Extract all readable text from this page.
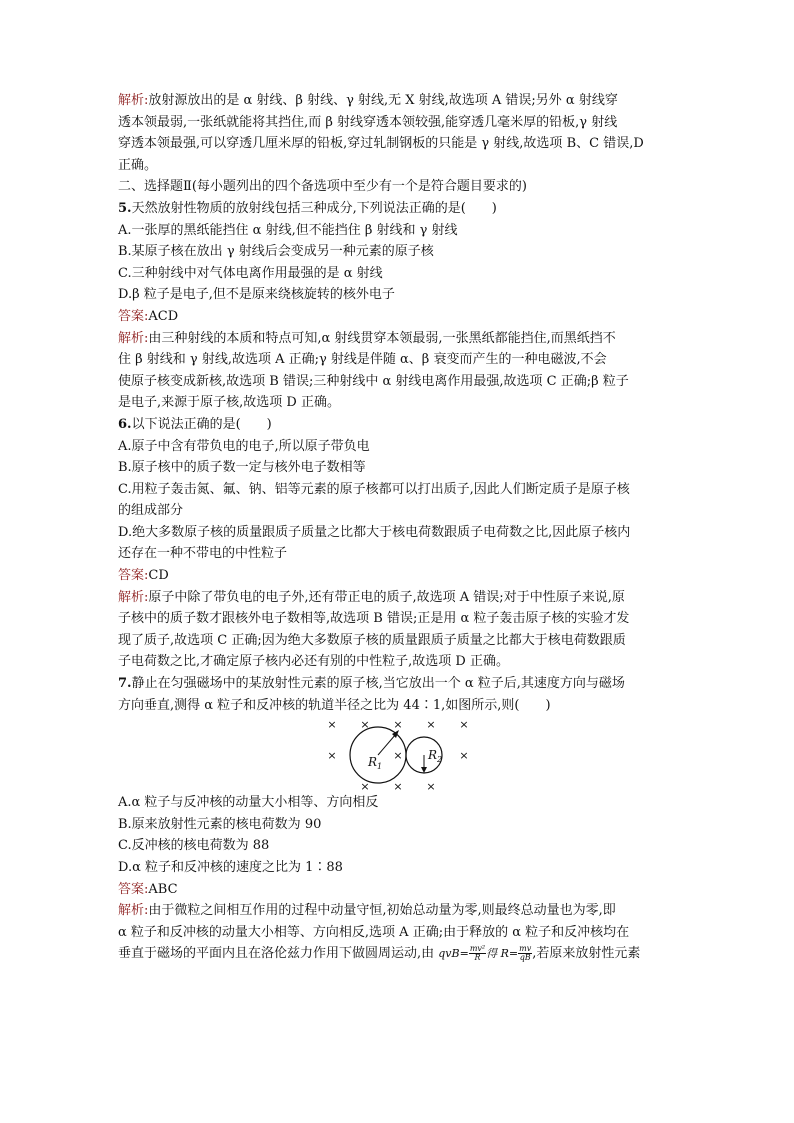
解析:放射源放出的是 α 射线、β 射线、γ 射线,无 X 射线,故选项 A 错误;另外 α 射线穿
透本领最弱,一张纸就能将其挡住,而 β 射线穿透本领较强,能穿透几毫米厚的铅板,γ 射线
穿透本领最强,可以穿透几厘米厚的铅板,穿过轧制钢板的只能是 γ 射线,故选项 B、C 错误,D
正确。
二、选择题Ⅱ(每小题列出的四个备选项中至少有一个是符合题目要求的)
5.天然放射性物质的放射线包括三种成分,下列说法正确的是(　　)
A.一张厚的黑纸能挡住 α 射线,但不能挡住 β 射线和 γ 射线
B.某原子核在放出 γ 射线后会变成另一种元素的原子核
C.三种射线中对气体电离作用最强的是 α 射线
D.β 粒子是电子,但不是原来绕核旋转的核外电子
答案:ACD
解析:由三种射线的本质和特点可知,α 射线贯穿本领最弱,一张黑纸都能挡住,而黑纸挡不
住 β 射线和 γ 射线,故选项 A 正确;γ 射线是伴随 α、β 衰变而产生的一种电磁波,不会
使原子核变成新核,故选项 B 错误;三种射线中 α 射线电离作用最强,故选项 C 正确;β 粒子
是电子,来源于原子核,故选项 D 正确。
6.以下说法正确的是(　　)
A.原子中含有带负电的电子,所以原子带负电
B.原子核中的质子数一定与核外电子数相等
C.用粒子轰击氮、氟、钠、铝等元素的原子核都可以打出质子,因此人们断定质子是原子核
的组成部分
D.绝大多数原子核的质量跟质子质量之比都大于核电荷数跟质子电荷数之比,因此原子核内
还存在一种不带电的中性粒子
答案:CD
解析:原子中除了带负电的电子外,还有带正电的质子,故选项 A 错误;对于中性原子来说,原
子核中的质子数才跟核外电子数相等,故选项 B 错误;正是用 α 粒子轰击原子核的实验才发
现了质子,故选项 C 正确;因为绝大多数原子核的质量跟质子质量之比都大于核电荷数跟质
子电荷数之比,才确定原子核内必还有别的中性粒子,故选项 D 正确。
7.静止在匀强磁场中的某放射性元素的原子核,当它放出一个 α 粒子后,其速度方向与磁场
方向垂直,测得 α 粒子和反冲核的轨道半径之比为 44∶1,如图所示,则(　　)
× × × × ×
×	×	×
× × ×
$R_1$
$R_2$
A.α 粒子与反冲核的动量大小相等、方向相反
B.原来放射性元素的核电荷数为 90
C.反冲核的核电荷数为 88
D.α 粒子和反冲核的速度之比为 1∶88
答案:ABC
解析:由于微粒之间相互作用的过程中动量守恒,初始总动量为零,则最终总动量也为零,即
α 粒子和反冲核的动量大小相等、方向相反,选项 A 正确;由于释放的 α 粒子和反冲核均在
垂直于磁场的平面内且在洛伦兹力作用下做圆周运动,由 $qvB= \frac{\text{mv²}}{R}$ 得 $R= \frac{mv}{qB}$ ,若原来放射性元素
